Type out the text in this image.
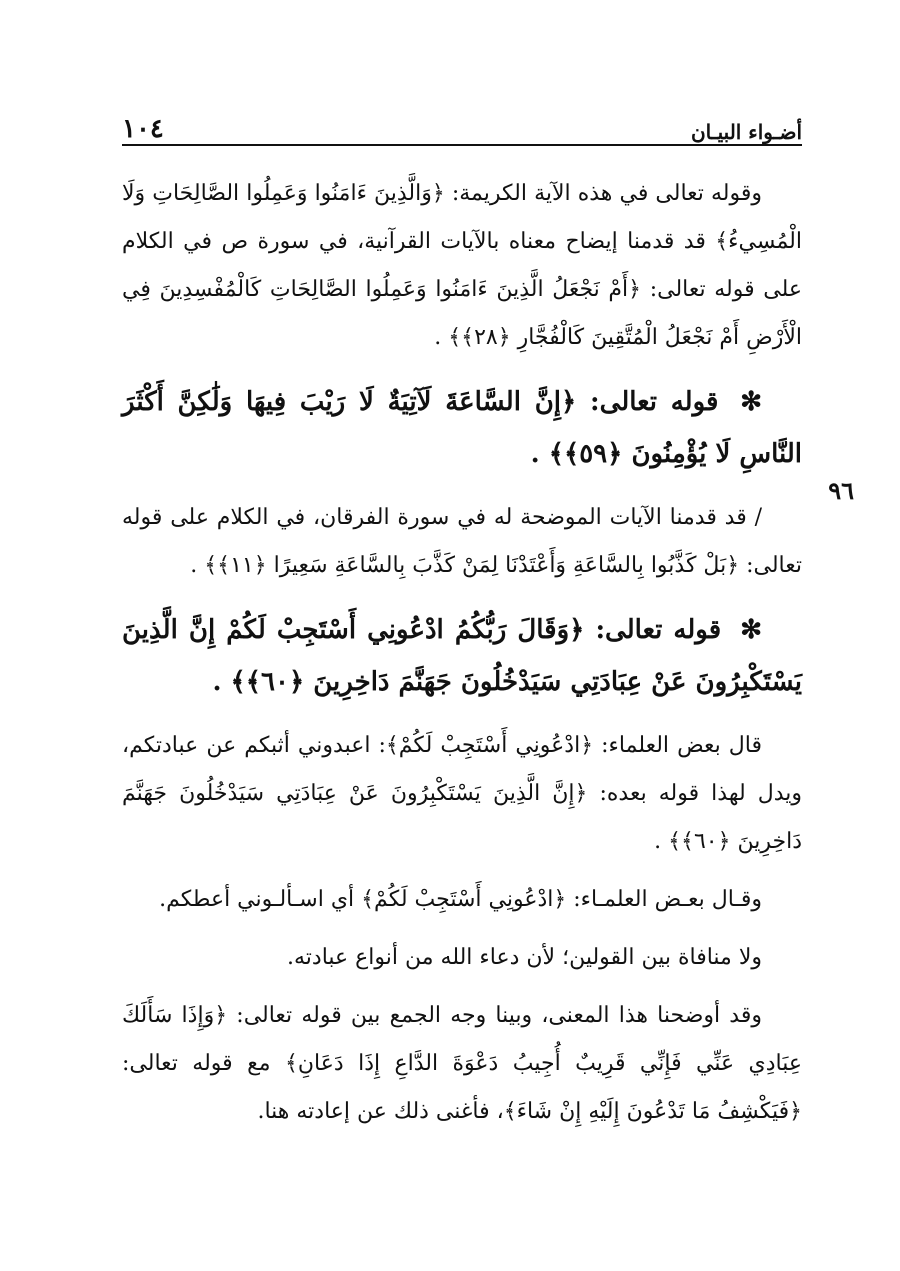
أضـواء البيـان
١٠٤

وقوله تعالى في هذه الآية الكريمة: ﴿وَالَّذِينَ ءَامَنُوا وَعَمِلُوا الصَّالِحَاتِ وَلَا الْمُسِيءُ﴾ قد قدمنا إيضاح معناه بالآيات القرآنية، في سورة ص في الكلام على قوله تعالى: ﴿أَمْ نَجْعَلُ الَّذِينَ ءَامَنُوا وَعَمِلُوا الصَّالِحَاتِ كَالْمُفْسِدِينَ فِي الْأَرْضِ أَمْ نَجْعَلُ الْمُتَّقِينَ كَالْفُجَّارِ ﴿٢٨﴾﴾ .

✻ قوله تعالى: ﴿إِنَّ السَّاعَةَ لَآتِيَةٌ لَا رَيْبَ فِيهَا وَلَٰكِنَّ أَكْثَرَ النَّاسِ لَا يُؤْمِنُونَ ﴿٥٩﴾﴾ .

/ قد قدمنا الآيات الموضحة له في سورة الفرقان، في الكلام على قوله تعالى: ﴿بَلْ كَذَّبُوا بِالسَّاعَةِ وَأَعْتَدْنَا لِمَنْ كَذَّبَ بِالسَّاعَةِ سَعِيرًا ﴿١١﴾﴾ .

✻ قوله تعالى: ﴿وَقَالَ رَبُّكُمُ ادْعُونِي أَسْتَجِبْ لَكُمْ إِنَّ الَّذِينَ يَسْتَكْبِرُونَ عَنْ عِبَادَتِي سَيَدْخُلُونَ جَهَنَّمَ دَاخِرِينَ ﴿٦٠﴾﴾ .

قال بعض العلماء: ﴿ادْعُونِي أَسْتَجِبْ لَكُمْ﴾: اعبدوني أثبكم عن عبادتكم، ويدل لهذا قوله بعده: ﴿إِنَّ الَّذِينَ يَسْتَكْبِرُونَ عَنْ عِبَادَتِي سَيَدْخُلُونَ جَهَنَّمَ دَاخِرِينَ ﴿٦٠﴾﴾ .

وقـال بعـض العلمـاء: ﴿ادْعُونِي أَسْتَجِبْ لَكُمْ﴾ أي اسـألـوني أعطكم.

ولا منافاة بين القولين؛ لأن دعاء الله من أنواع عبادته.

وقد أوضحنا هذا المعنى، وبينا وجه الجمع بين قوله تعالى: ﴿وَإِذَا سَأَلَكَ عِبَادِي عَنِّي فَإِنِّي قَرِيبٌ أُجِيبُ دَعْوَةَ الدَّاعِ إِذَا دَعَانِ﴾ مع قوله تعالى: ﴿فَيَكْشِفُ مَا تَدْعُونَ إِلَيْهِ إِنْ شَاءَ﴾، فأغنى ذلك عن إعادته هنا.

٩٦
